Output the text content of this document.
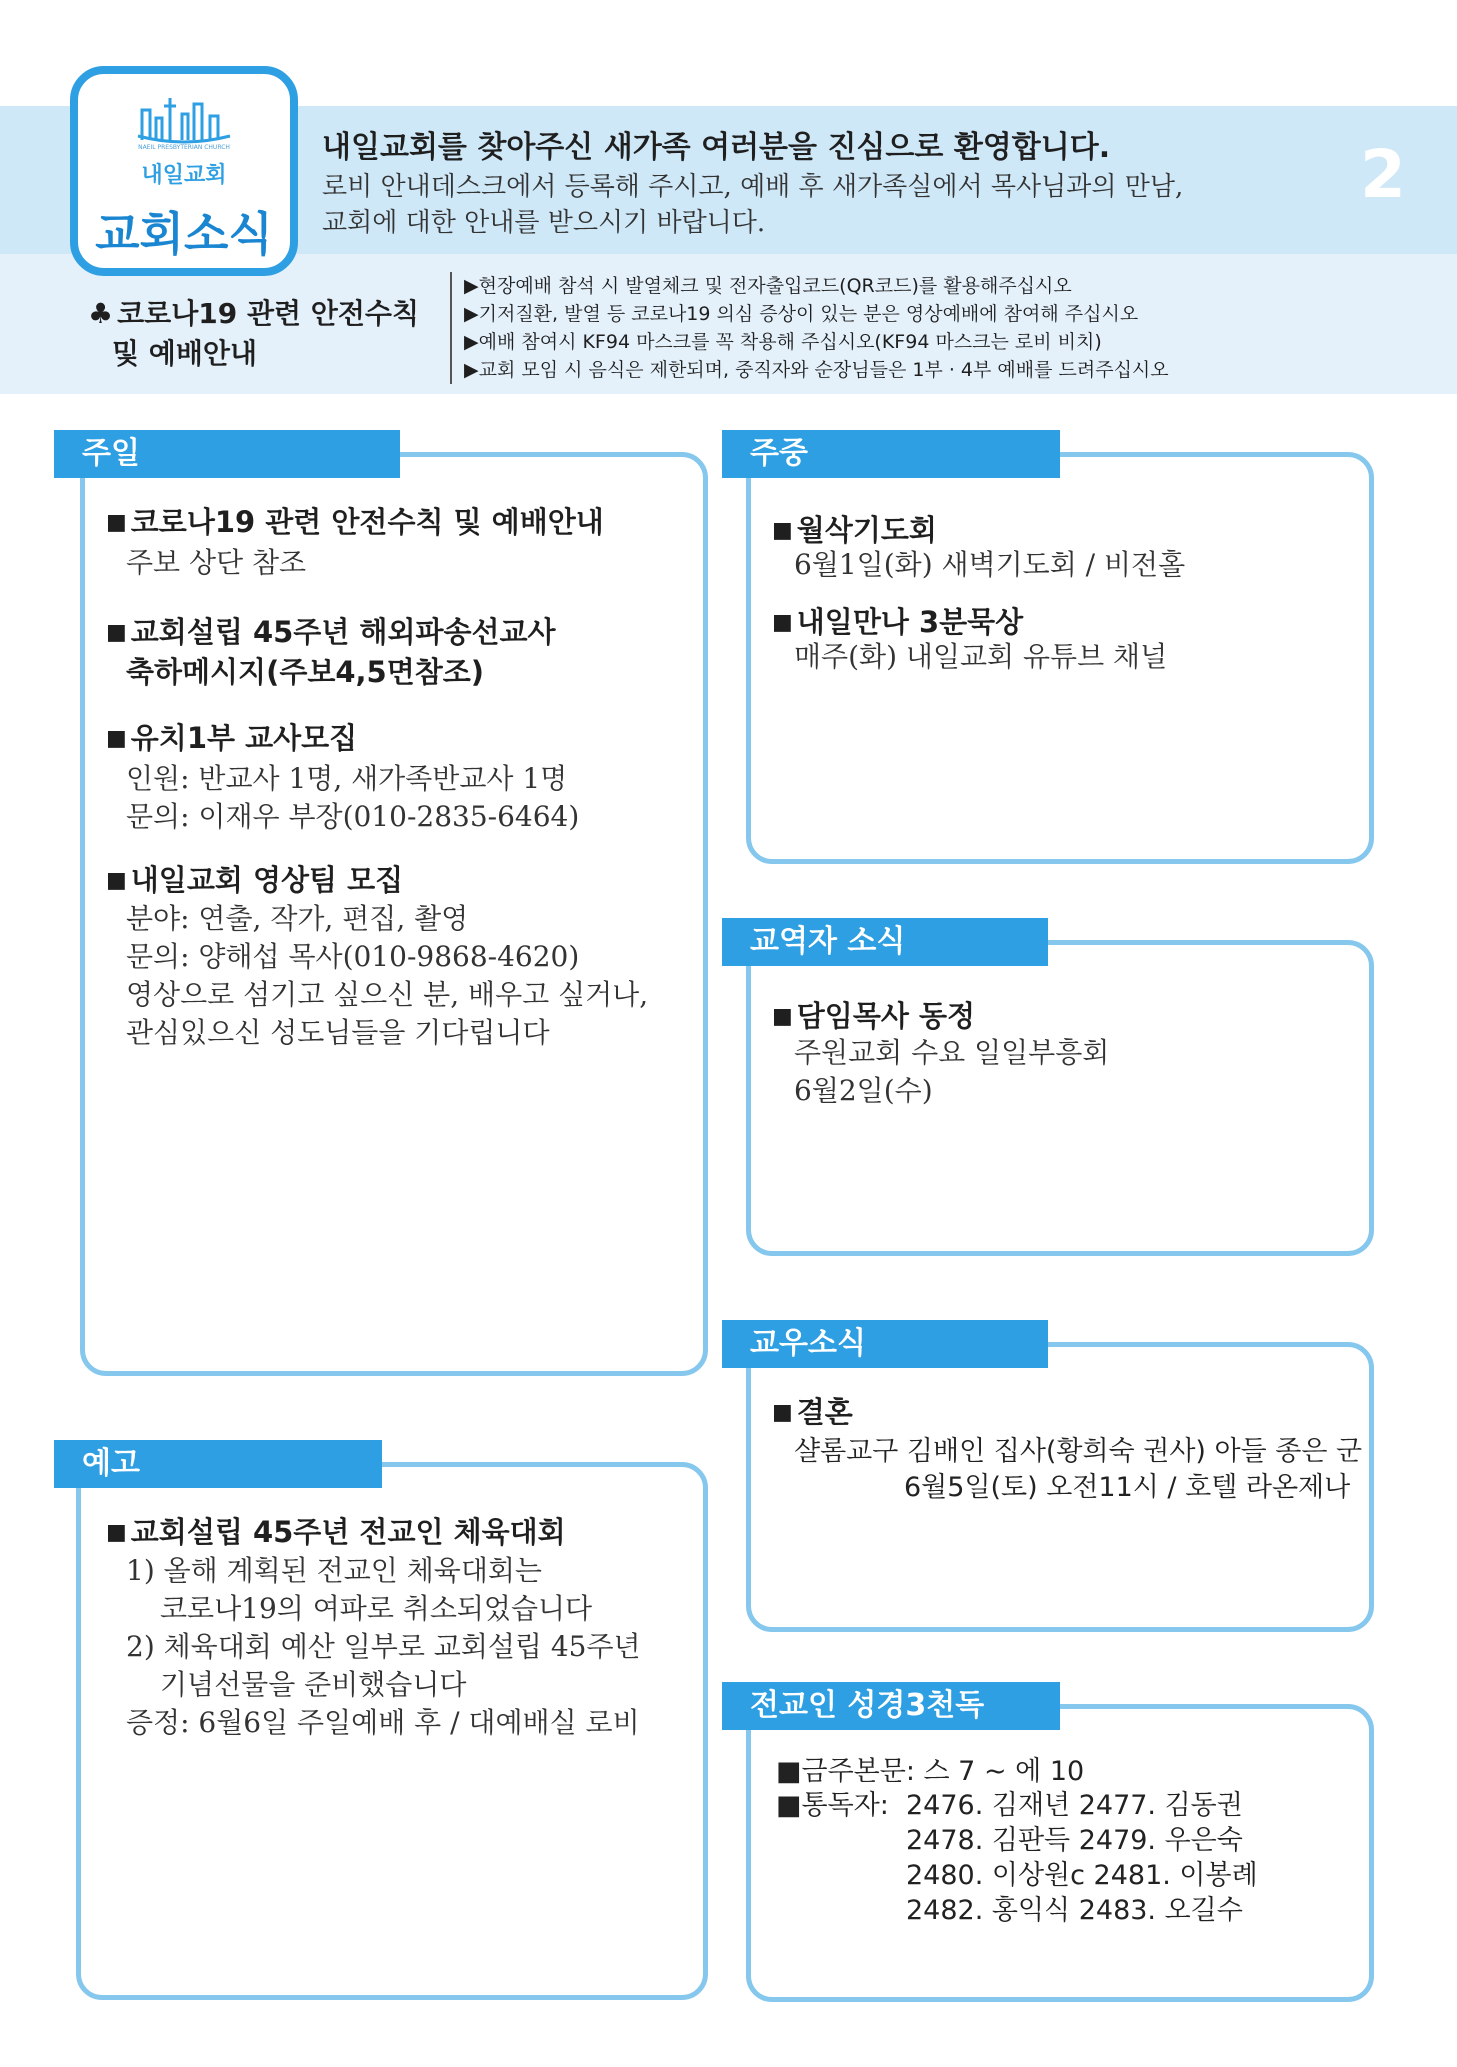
NAEIL PRESBYTERIAN CHURCH
내일교회
교회소식
2
내일교회를 찾아주신 새가족 여러분을 진심으로 환영합니다.
로비 안내데스크에서 등록해 주시고, 예배 후 새가족실에서 목사님과의 만남,
교회에 대한 안내를 받으시기 바랍니다.
♣ 코로나19 관련 안전수칙
및 예배안내
▶현장예배 참석 시 발열체크 및 전자출입코드(QR코드)를 활용해주십시오
▶기저질환, 발열 등 코로나19 의심 증상이 있는 분은 영상예배에 참여해 주십시오
▶예배 참여시 KF94 마스크를 꼭 착용해 주십시오(KF94 마스크는 로비 비치)
▶교회 모임 시 음식은 제한되며, 중직자와 순장님들은 1부 · 4부 예배를 드려주십시오
주일
■ 코로나19 관련 안전수칙 및 예배안내
주보 상단 참조
■ 교회설립 45주년 해외파송선교사
축하메시지(주보4,5면참조)
■ 유치1부 교사모집
인원: 반교사 1명, 새가족반교사 1명
문의: 이재우 부장(010-2835-6464)
■ 내일교회 영상팀 모집
분야: 연출, 작가, 편집, 촬영
문의: 양해섭 목사(010-9868-4620)
영상으로 섬기고 싶으신 분, 배우고 싶거나,
관심있으신 성도님들을 기다립니다
예고
■ 교회설립 45주년 전교인 체육대회
1) 올해 계획된 전교인 체육대회는
코로나19의 여파로 취소되었습니다
2) 체육대회 예산 일부로 교회설립 45주년
기념선물을 준비했습니다
증정: 6월6일 주일예배 후 / 대예배실 로비
주중
■ 월삭기도회
6월1일(화) 새벽기도회 / 비전홀
■ 내일만나 3분묵상
매주(화) 내일교회 유튜브 채널
교역자 소식
■ 담임목사 동정
주원교회 수요 일일부흥회
6월2일(수)
교우소식
■ 결혼
샬롬교구 김배인 집사(황희숙 권사) 아들 종은 군
6월5일(토) 오전11시 / 호텔 라온제나
전교인 성경3천독
■금주본문: 스 7 ~ 에 10
■통독자: 2476. 김재년 2477. 김동권
2478. 김판득 2479. 우은숙
2480. 이상원c 2481. 이봉례
2482. 홍익식 2483. 오길수
